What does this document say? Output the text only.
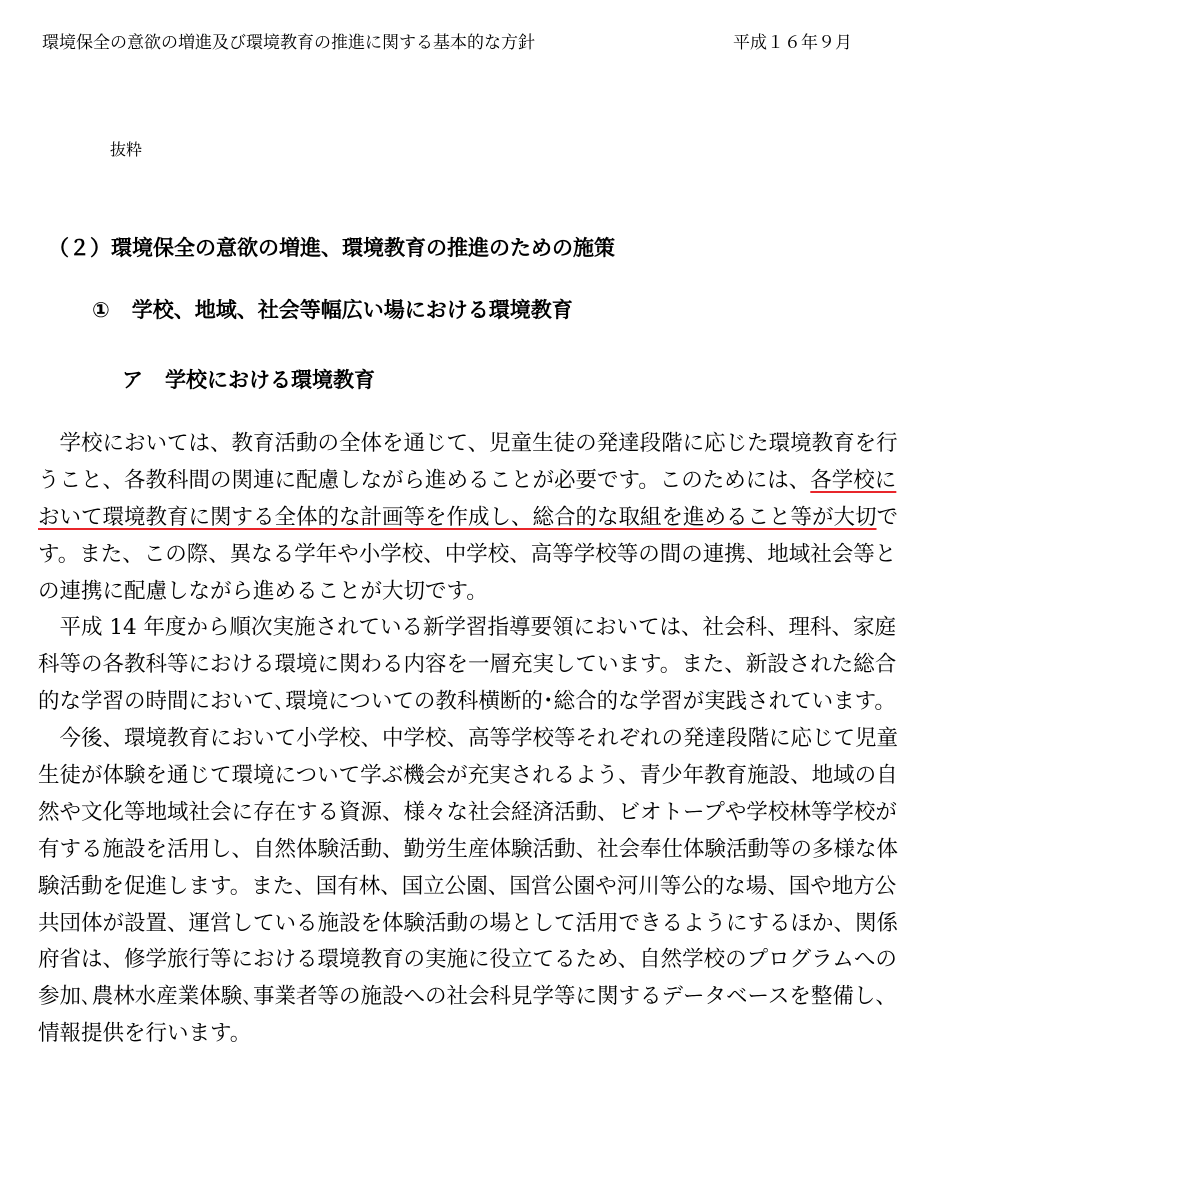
環境保全の意欲の増進及び環境教育の推進に関する基本的な方針	平成１６年９月
抜粋
（２）環境保全の意欲の増進、環境教育の推進のための施策
① 学校、地域、社会等幅広い場における環境教育
ア 学校における環境教育
　学校においては、教育活動の全体を通じて、児童生徒の発達段階に応じた環境教育を行
うこと、各教科間の関連に配慮しながら進めることが必要です。このためには、各学校に
おいて環境教育に関する全体的な計画等を作成し、総合的な取組を進めること等が大切で
す。また、この際、異なる学年や小学校、中学校、高等学校等の間の連携、地域社会等と
の連携に配慮しながら進めることが大切です。
　平成 14 年度から順次実施されている新学習指導要領においては、社会科、理科、家庭
科等の各教科等における環境に関わる内容を一層充実しています。また、新設された総合
的な学習の時間において､環境についての教科横断的･総合的な学習が実践されています。
　今後、環境教育において小学校、中学校、高等学校等それぞれの発達段階に応じて児童
生徒が体験を通じて環境について学ぶ機会が充実されるよう、青少年教育施設、地域の自
然や文化等地域社会に存在する資源、様々な社会経済活動、ビオトープや学校林等学校が
有する施設を活用し、自然体験活動、勤労生産体験活動、社会奉仕体験活動等の多様な体
験活動を促進します。また、国有林、国立公園、国営公園や河川等公的な場、国や地方公
共団体が設置、運営している施設を体験活動の場として活用できるようにするほか、関係
府省は、修学旅行等における環境教育の実施に役立てるため、自然学校のプログラムへの
参加､農林水産業体験､事業者等の施設への社会科見学等に関するデータベースを整備し、
情報提供を行います。
